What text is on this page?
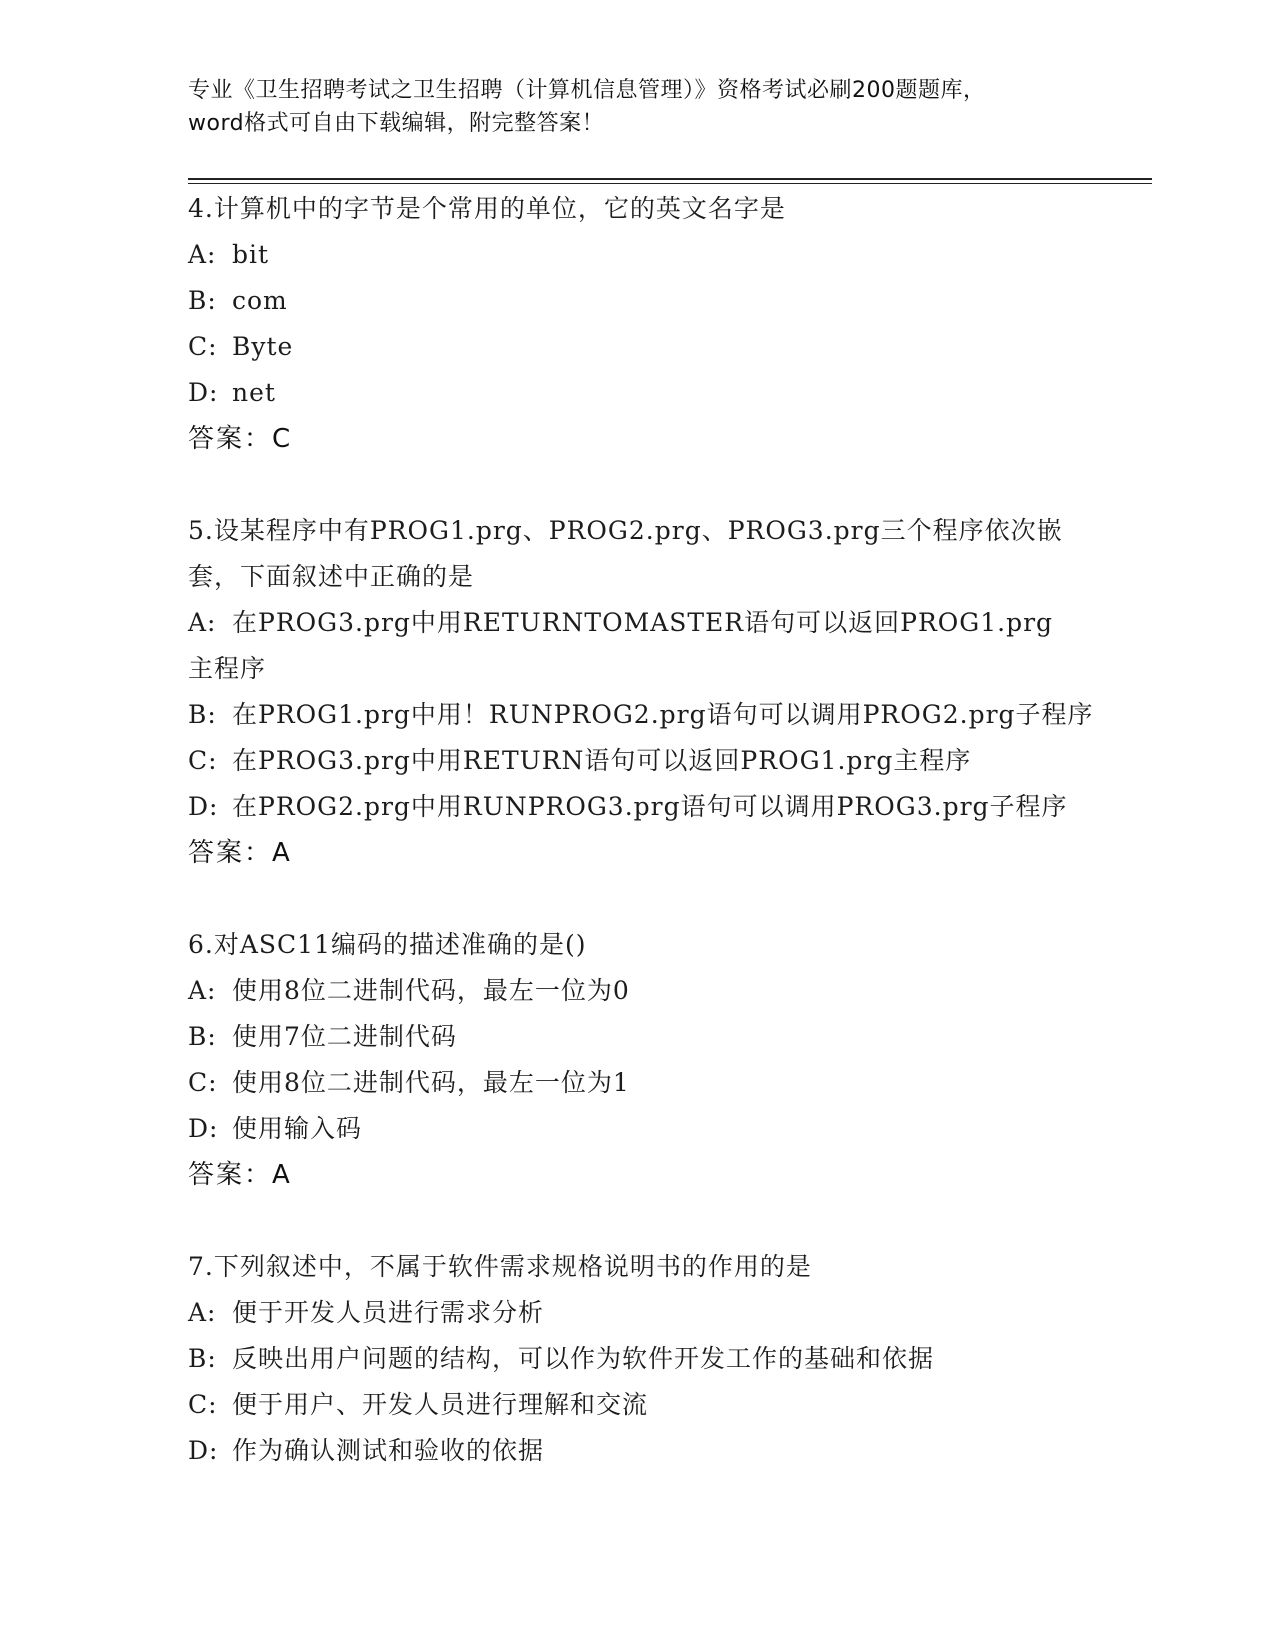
专业《卫生招聘考试之卫生招聘（计算机信息管理）》资格考试必刷200题题库，
word格式可自由下载编辑，附完整答案！
4.计算机中的字节是个常用的单位，它的英文名字是
A: bit
B: com
C: Byte
D: net
答案：C
5.设某程序中有PROG1.prg、PROG2.prg、PROG3.prg三个程序依次嵌套，下面叙述中正确的是
A: 在PROG3.prg中用RETURNTOMASTER语句可以返回PROG1.prg主程序
B: 在PROG1.prg中用！RUNPROG2.prg语句可以调用PROG2.prg子程序
C: 在PROG3.prg中用RETURN语句可以返回PROG1.prg主程序
D: 在PROG2.prg中用RUNPROG3.prg语句可以调用PROG3.prg子程序
答案：A
6.对ASC11编码的描述准确的是()
A: 使用8位二进制代码，最左一位为0
B: 使用7位二进制代码
C: 使用8位二进制代码，最左一位为1
D: 使用输入码
答案：A
7.下列叙述中，不属于软件需求规格说明书的作用的是
A: 便于开发人员进行需求分析
B: 反映出用户问题的结构，可以作为软件开发工作的基础和依据
C: 便于用户、开发人员进行理解和交流
D: 作为确认测试和验收的依据
